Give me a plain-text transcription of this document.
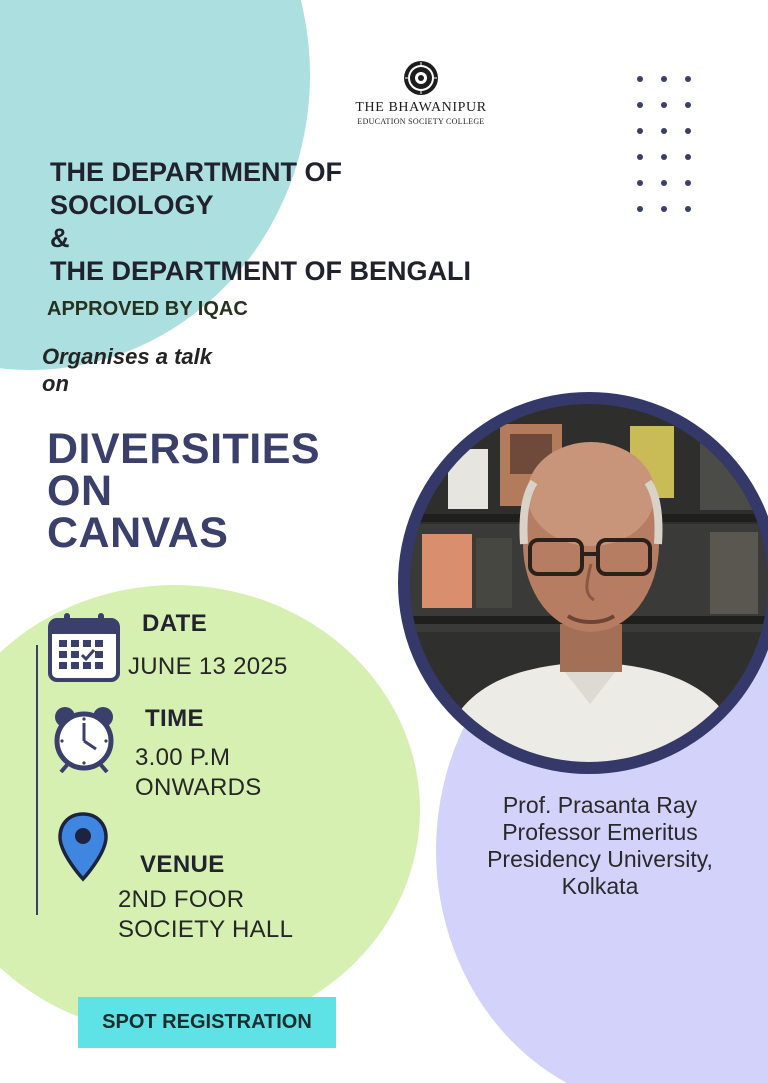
THE BHAWANIPUR
EDUCATION SOCIETY COLLEGE
THE DEPARTMENT OF
SOCIOLOGY
&
THE DEPARTMENT OF BENGALI
APPROVED BY IQAC
Organises a talk
on
DIVERSITIES
ON
CANVAS
DATE
JUNE 13 2025
TIME
3.00 P.M
ONWARDS
VENUE
2ND FOOR
SOCIETY HALL
SPOT REGISTRATION
Prof. Prasanta Ray
Professor Emeritus
Presidency University,
Kolkata
